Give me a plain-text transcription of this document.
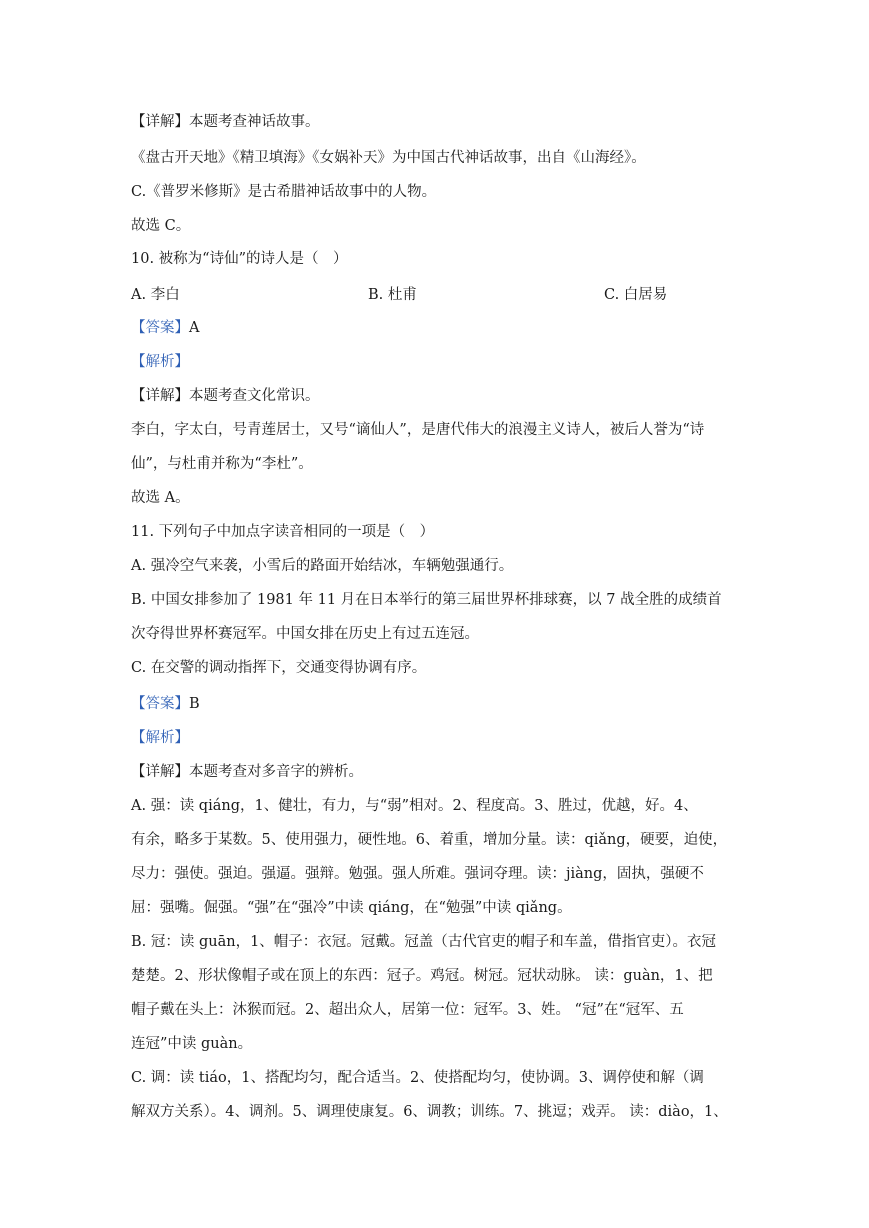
【详解】本题考查神话故事。
《盘古开天地》《精卫填海》《女娲补天》为中国古代神话故事，出自《山海经》。
C.《普罗米修斯》是古希腊神话故事中的人物。
故选 C。
10. 被称为“诗仙”的诗人是（　）
A. 李白	B. 杜甫	C. 白居易
【答案】A
【解析】
【详解】本题考查文化常识。
李白，字太白，号青莲居士，又号“谪仙人”，是唐代伟大的浪漫主义诗人，被后人誉为“诗
仙”，与杜甫并称为“李杜”。
故选 A。
11. 下列句子中加点字读音相同的一项是（　）
A. 强冷空气来袭，小雪后的路面开始结冰，车辆勉强通行。
B. 中国女排参加了 1981 年 11 月在日本举行的第三届世界杯排球赛，以 7 战全胜的成绩首
次夺得世界杯赛冠军。中国女排在历史上有过五连冠。
C. 在交警的调动指挥下，交通变得协调有序。
【答案】B
【解析】
【详解】本题考查对多音字的辨析。
A. 强：读 qiáng，1、健壮，有力，与“弱”相对。2、程度高。3、胜过，优越，好。4、
有余，略多于某数。5、使用强力，硬性地。6、着重，增加分量。读：qiǎng，硬要，迫使，
尽力：强使。强迫。强逼。强辩。勉强。强人所难。强词夺理。读：jiàng，固执，强硬不
屈：强嘴。倔强。“强”在“强冷”中读 qiáng，在“勉强”中读 qiǎng。
B. 冠：读 guān，1、帽子：衣冠。冠戴。冠盖（古代官吏的帽子和车盖，借指官吏）。衣冠
楚楚。2、形状像帽子或在顶上的东西：冠子。鸡冠。树冠。冠状动脉。 读：guàn，1、把
帽子戴在头上：沐猴而冠。2、超出众人，居第一位：冠军。3、姓。 “冠”在“冠军、五
连冠”中读 guàn。
C. 调：读 tiáo，1、搭配均匀，配合适当。2、使搭配均匀，使协调。3、调停使和解（调
解双方关系）。4、调剂。5、调理使康复。6、调教；训练。7、挑逗；戏弄。 读：diào，1、
